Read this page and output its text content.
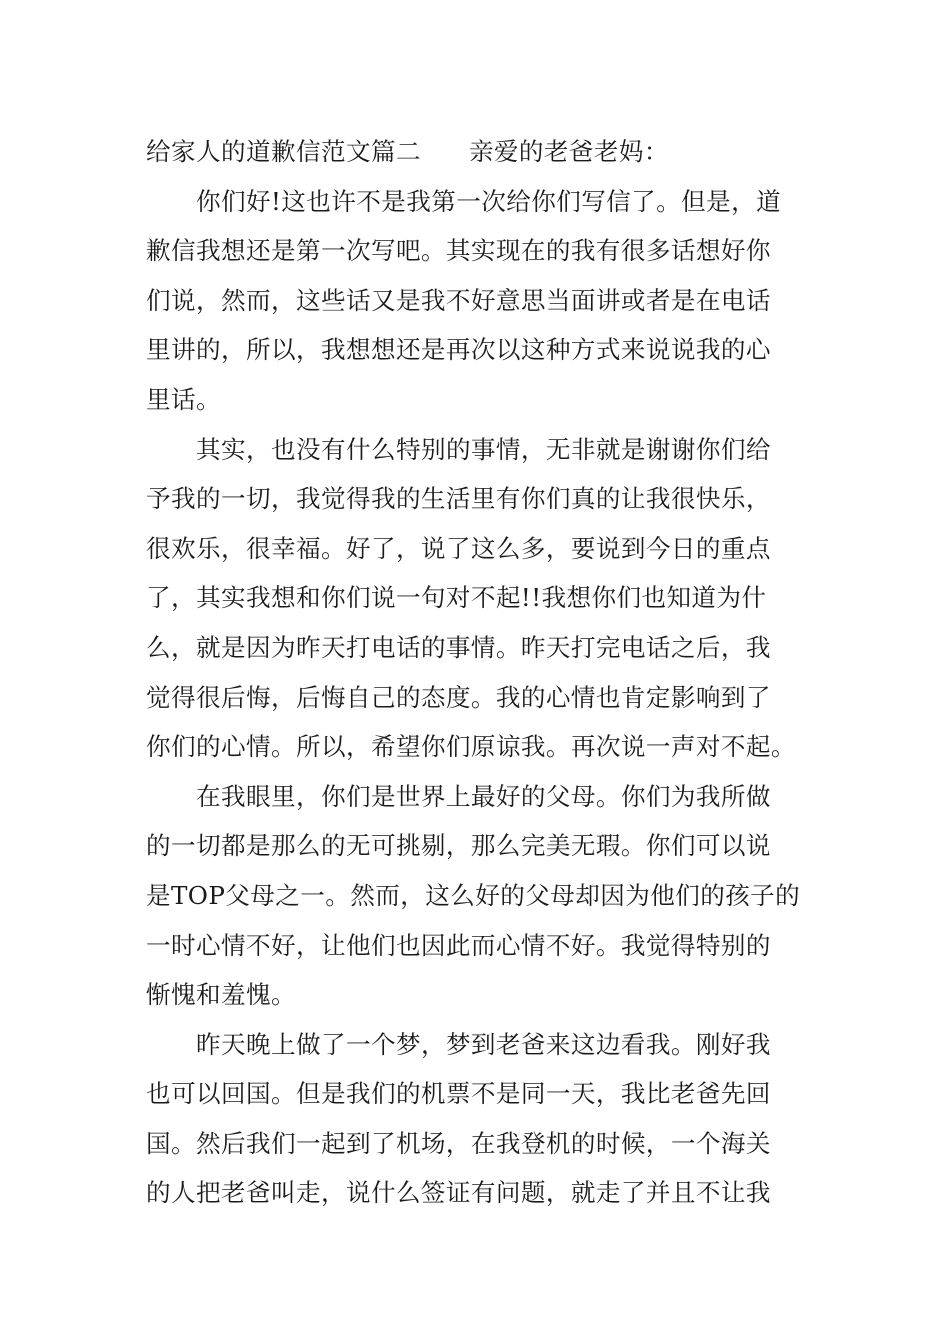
给家人的道歉信范文篇二 亲爱的老爸老妈：
你们好!这也许不是我第一次给你们写信了。但是，道
歉信我想还是第一次写吧。其实现在的我有很多话想好你
们说，然而，这些话又是我不好意思当面讲或者是在电话
里讲的，所以，我想想还是再次以这种方式来说说我的心
里话。
其实，也没有什么特别的事情，无非就是谢谢你们给
予我的一切，我觉得我的生活里有你们真的让我很快乐，
很欢乐，很幸福。好了，说了这么多，要说到今日的重点
了，其实我想和你们说一句对不起!!我想你们也知道为什
么，就是因为昨天打电话的事情。昨天打完电话之后，我
觉得很后悔，后悔自己的态度。我的心情也肯定影响到了
你们的心情。所以，希望你们原谅我。再次说一声对不起。
在我眼里，你们是世界上最好的父母。你们为我所做
的一切都是那么的无可挑剔，那么完美无瑕。你们可以说
是TOP父母之一。然而，这么好的父母却因为他们的孩子的
一时心情不好，让他们也因此而心情不好。我觉得特别的
惭愧和羞愧。
昨天晚上做了一个梦，梦到老爸来这边看我。刚好我
也可以回国。但是我们的机票不是同一天，我比老爸先回
国。然后我们一起到了机场，在我登机的时候，一个海关
的人把老爸叫走，说什么签证有问题，就走了并且不让我
